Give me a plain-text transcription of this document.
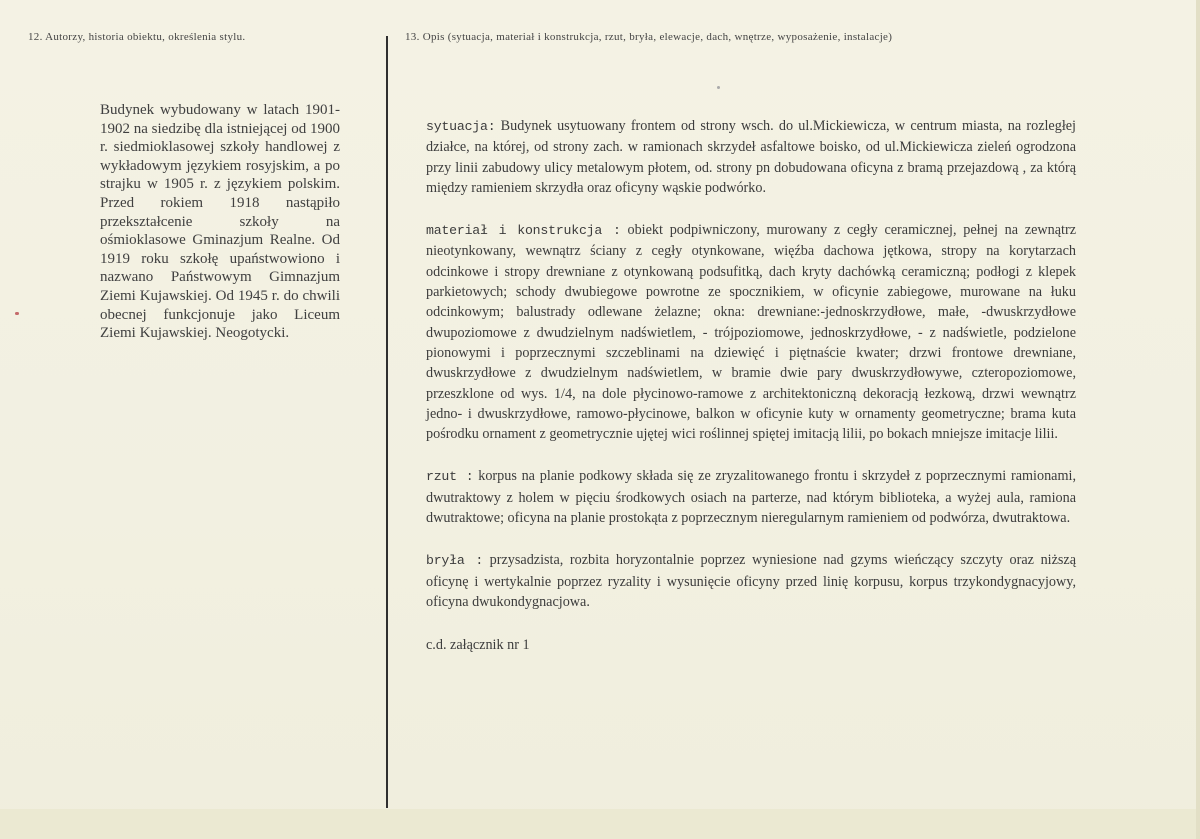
12. Autorzy, historia obiektu, określenia stylu.	13. Opis (sytuacja, materiał i konstrukcja, rzut, bryła, elewacje, dach, wnętrze, wyposażenie, instalacje)
Budynek wybudowany w latach 1901-1902 na siedzibę dla istniejącej od 1900 r. siedmioklasowej szkoły handlowej z wykładowym językiem rosyjskim, a po strajku w 1905 r. z językiem polskim. Przed rokiem 1918 nastąpiło przekształcenie szkoły na ośmioklasowe Gminazjum Realne. Od 1919 roku szkołę upaństwowiono i nazwano Państwowym Gimnazjum Ziemi Kujawskiej. Od 1945 r. do chwili obecnej funkcjonuje jako Liceum Ziemi Kujawskiej. Neogotycki.

sytuacja: Budynek usytuowany frontem od strony wsch. do ul.Mickiewicza, w centrum miasta, na rozległej działce, na której, od strony zach. w ramionach skrzydeł asfaltowe boisko, od ul.Mickiewicza zieleń ogrodzona przy linii zabudowy ulicy metalowym płotem, od. strony pn dobudowana oficyna z bramą przejazdową , za którą między ramieniem skrzydła oraz oficyny wąskie podwórko.

materiał i konstrukcja : obiekt podpiwniczony, murowany z cegły ceramicznej, pełnej na zewnątrz nieotynkowany, wewnątrz ściany z cegły otynkowane, więźba dachowa jętkowa, stropy na korytarzach odcinkowe i stropy drewniane z otynkowaną podsufitką, dach kryty dachówką ceramiczną; podłogi z klepek parkietowych; schody dwubiegowe powrotne ze spocznikiem, w oficynie zabiegowe, murowane na łuku odcinkowym; balustrady odlewane żelazne; okna: drewniane:-jednoskrzydłowe, małe, -dwuskrzydłowe dwupoziomowe z dwudzielnym nadświetlem, - trójpoziomowe, jednoskrzydłowe, - z nadświetle, podzielone pionowymi i poprzecznymi szczeblinami na dziewięć i piętnaście kwater; drzwi frontowe drewniane, dwuskrzydłowe z dwudzielnym nadświetlem, w bramie dwie pary dwuskrzydłowywe, czteropoziomowe, przeszklone od wys. 1/4, na dole płycinowo-ramowe z architektoniczną dekoracją łezkową, drzwi wewnątrz jedno- i dwuskrzydłowe, ramowo-płycinowe, balkon w oficynie kuty w ornamenty geometryczne; brama kuta pośrodku ornament z geometrycznie ujętej wici roślinnej spiętej imitacją lilii, po bokach mniejsze imitacje lilii.

rzut : korpus na planie podkowy składa się ze zryzalitowanego frontu i skrzydeł z poprzecznymi ramionami, dwutraktowy z holem w pięciu środkowych osiach na parterze, nad którym biblioteka, a wyżej aula, ramiona dwutraktowe; oficyna na planie prostokąta z poprzecznym nieregularnym ramieniem od podwórza, dwutraktowa.

bryła : przysadzista, rozbita horyzontalnie poprzez wyniesione nad gzyms wieńczący szczyty oraz niższą oficynę i wertykalnie poprzez ryzality i wysunięcie oficyny przed linię korpusu, korpus trzykondygnacyjowy, oficyna dwukondygnacjowa.

c.d. załącznik nr 1
